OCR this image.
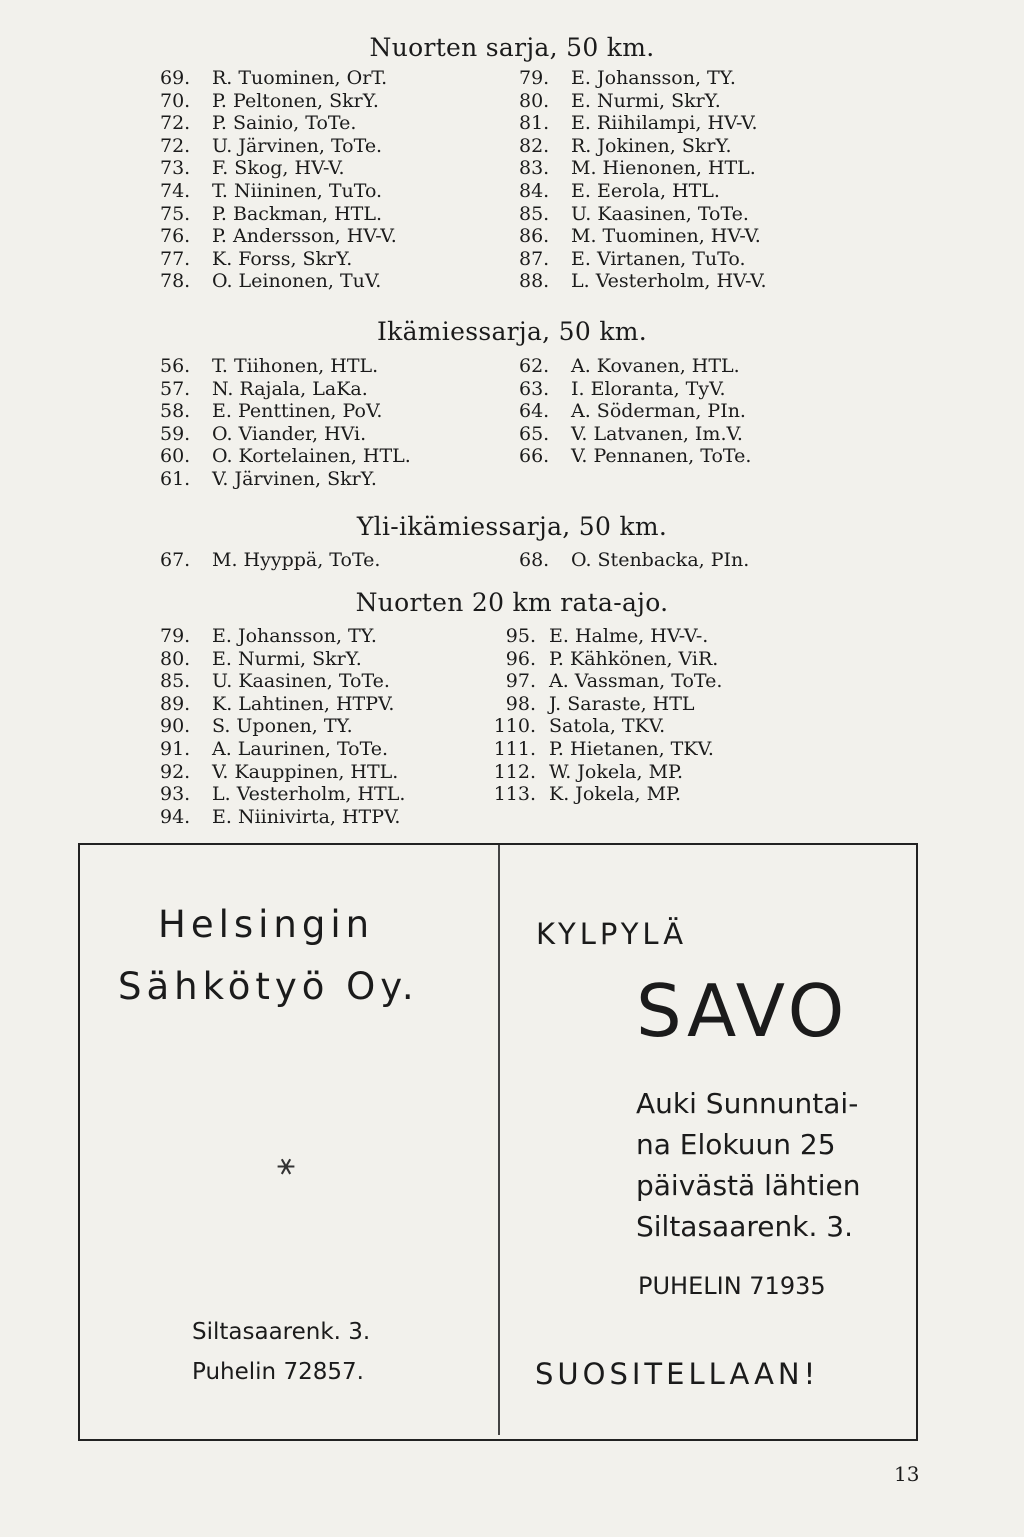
Nuorten sarja, 50 km.
69. R. Tuominen, OrT.
70. P. Peltonen, SkrY.
72. P. Sainio, ToTe.
72. U. Järvinen, ToTe.
73. F. Skog, HV-V.
74. T. Niininen, TuTo.
75. P. Backman, HTL.
76. P. Andersson, HV-V.
77. K. Forss, SkrY.
78. O. Leinonen, TuV.
79. E. Johansson, TY.
80. E. Nurmi, SkrY.
81. E. Riihilampi, HV-V.
82. R. Jokinen, SkrY.
83. M. Hienonen, HTL.
84. E. Eerola, HTL.
85. U. Kaasinen, ToTe.
86. M. Tuominen, HV-V.
87. E. Virtanen, TuTo.
88. L. Vesterholm, HV-V.
Ikämiessarja, 50 km.
56. T. Tiihonen, HTL.
57. N. Rajala, LaKa.
58. E. Penttinen, PoV.
59. O. Viander, HVi.
60. O. Kortelainen, HTL.
61. V. Järvinen, SkrY.
62. A. Kovanen, HTL.
63. I. Eloranta, TyV.
64. A. Söderman, PIn.
65. V. Latvanen, Im.V.
66. V. Pennanen, ToTe.
Yli-ikämiessarja, 50 km.
67. M. Hyyppä, ToTe.	68. O. Stenbacka, PIn.
Nuorten 20 km rata-ajo.
79. E. Johansson, TY.
80. E. Nurmi, SkrY.
85. U. Kaasinen, ToTe.
89. K. Lahtinen, HTPV.
90. S. Uponen, TY.
91. A. Laurinen, ToTe.
92. V. Kauppinen, HTL.
93. L. Vesterholm, HTL.
94. E. Niinivirta, HTPV.
95. E. Halme, HV-V-.
96. P. Kähkönen, ViR.
97. A. Vassman, ToTe.
98. J. Saraste, HTL
110. Satola, TKV.
111. P. Hietanen, TKV.
112. W. Jokela, MP.
113. K. Jokela, MP.
Helsingin
Sähkötyö Oy.
⚹
Siltasaarenk. 3.
Puhelin 72857.
KYLPYLÄ
SAVO
Auki Sunnuntai-
na Elokuun 25
päivästä lähtien
Siltasaarenk. 3.
PUHELIN 71935
SUOSITELLAAN!
13
